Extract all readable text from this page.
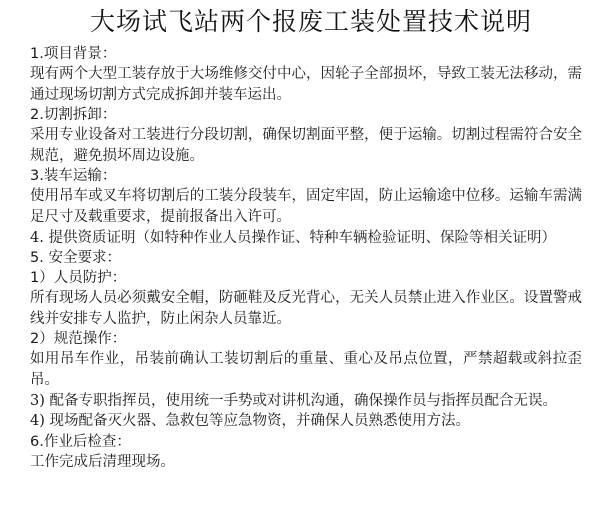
大场试飞站两个报废工装处置技术说明

1.项目背景：

现有两个大型工装存放于大场维修交付中心，因轮子全部损坏，导致工装无法移动，需通过现场切割方式完成拆卸并装车运出。

2.切割拆卸：

采用专业设备对工装进行分段切割，确保切割面平整，便于运输。切割过程需符合安全规范，避免损坏周边设施。

3.装车运输：

使用吊车或叉车将切割后的工装分段装车，固定牢固，防止运输途中位移。运输车需满足尺寸及载重要求，提前报备出入许可。

4. 提供资质证明（如特种作业人员操作证、特种车辆检验证明、保险等相关证明）

5. 安全要求：

1）人员防护：

所有现场人员必须戴安全帽，防砸鞋及反光背心，无关人员禁止进入作业区。设置警戒线并安排专人监护，防止闲杂人员靠近。

2）规范操作：

如用吊车作业，吊装前确认工装切割后的重量、重心及吊点位置，严禁超载或斜拉歪吊。

3) 配备专职指挥员，使用统一手势或对讲机沟通，确保操作员与指挥员配合无误。

4) 现场配备灭火器、急救包等应急物资，并确保人员熟悉使用方法。

6.作业后检查：

工作完成后清理现场。
